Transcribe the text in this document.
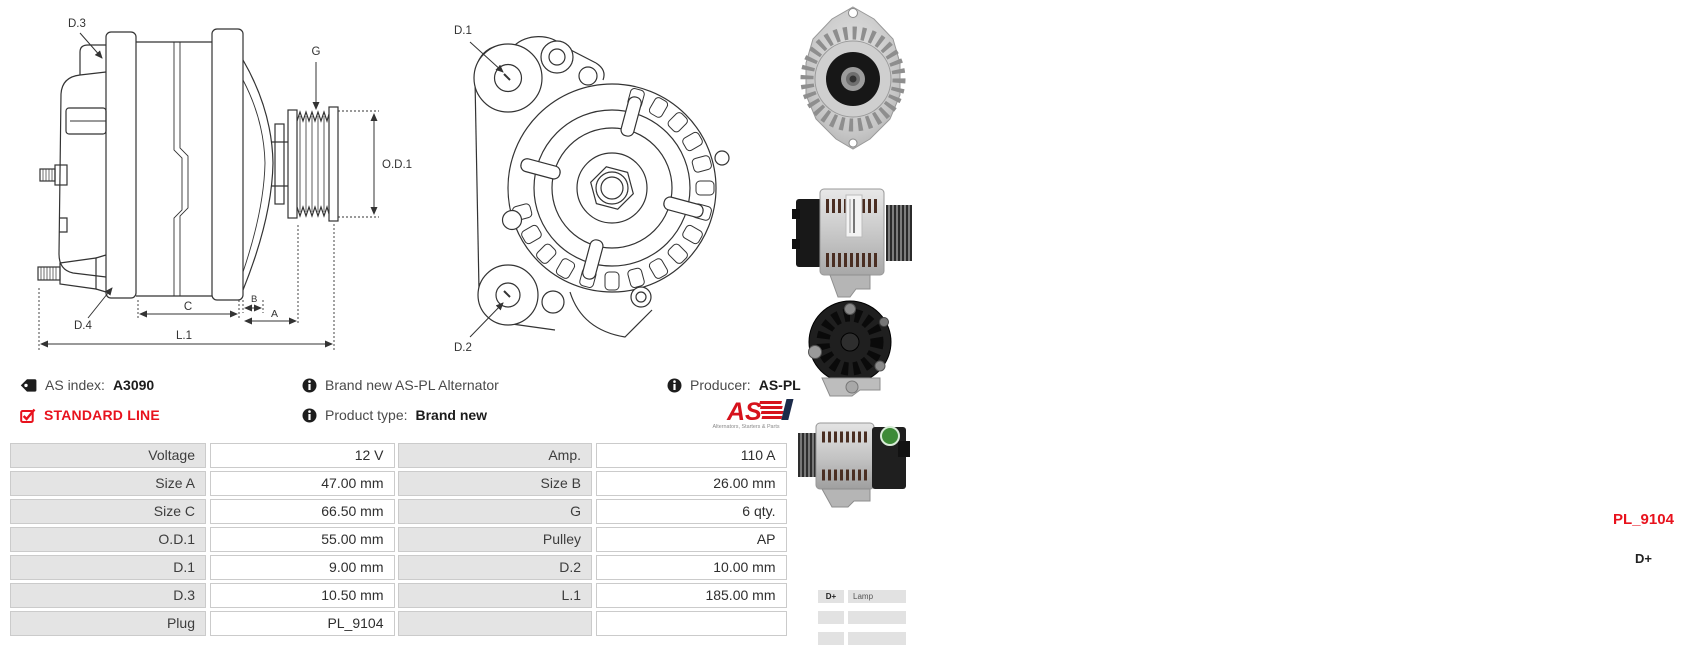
D.3
G
O.D.1
D.4
C
B
A
L.1
D.1
D.2
PL_9104
D+
AS index: A3090
STANDARD LINE
Brand new AS-PL Alternator
Product type: Brand new
Producer: AS-PL
AS
Alternators, Starters & Parts
Voltage	12 V	Amp.	110 A
Size A	47.00 mm	Size B	26.00 mm
Size C	66.50 mm	G	6 qty.
O.D.1	55.00 mm	Pulley	AP
D.1	9.00 mm	D.2	10.00 mm
D.3	10.50 mm	L.1	185.00 mm
Plug	PL_9104
D+	Lamp
